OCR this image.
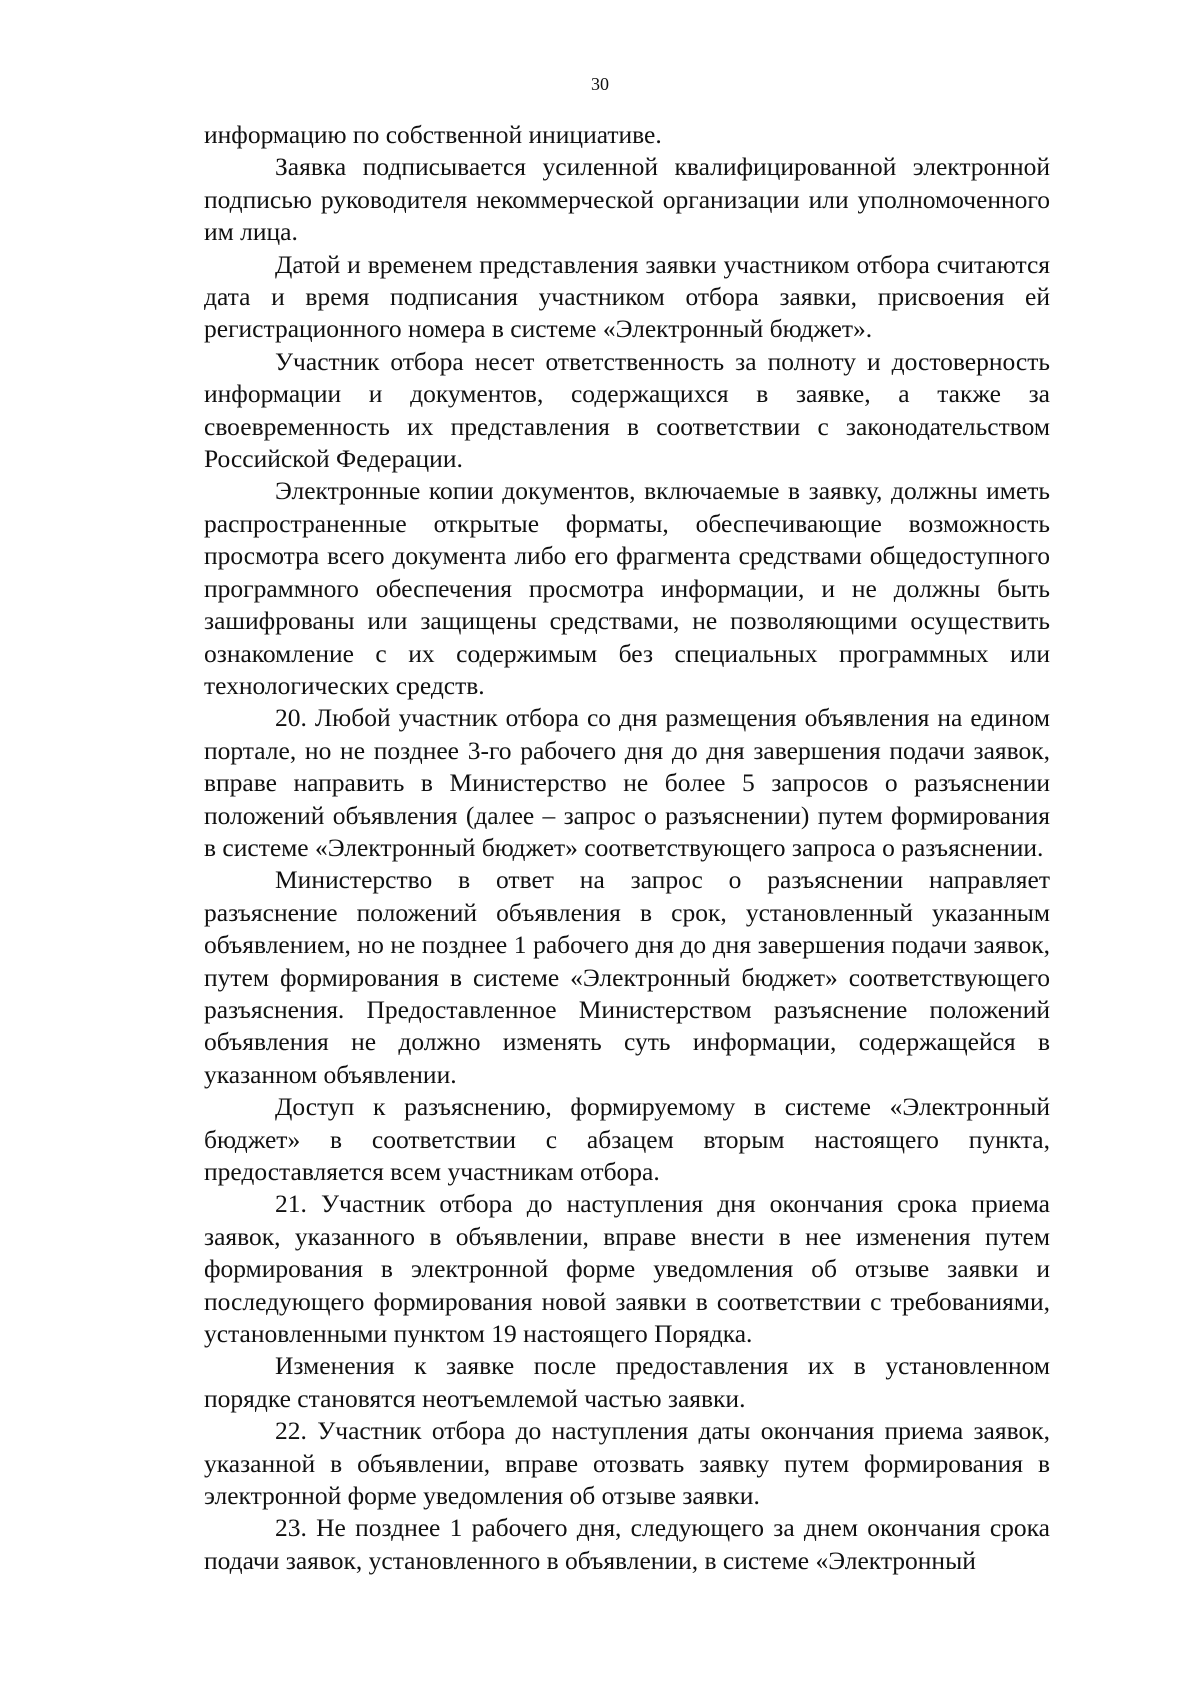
30

информацию по собственной инициативе.

Заявка подписывается усиленной квалифицированной электронной подписью руководителя некоммерческой организации или уполномоченного им лица.

Датой и временем представления заявки участником отбора считаются дата и время подписания участником отбора заявки, присвоения ей регистрационного номера в системе «Электронный бюджет».

Участник отбора несет ответственность за полноту и достоверность информации и документов, содержащихся в заявке, а также за своевременность их представления в соответствии с законодательством Российской Федерации.

Электронные копии документов, включаемые в заявку, должны иметь распространенные открытые форматы, обеспечивающие возможность просмотра всего документа либо его фрагмента средствами общедоступного программного обеспечения просмотра информации, и не должны быть зашифрованы или защищены средствами, не позволяющими осуществить ознакомление с их содержимым без специальных программных или технологических средств.

20. Любой участник отбора со дня размещения объявления на едином портале, но не позднее 3-го рабочего дня до дня завершения подачи заявок, вправе направить в Министерство не более 5 запросов о разъяснении положений объявления (далее – запрос о разъяснении) путем формирования в системе «Электронный бюджет» соответствующего запроса о разъяснении.

Министерство в ответ на запрос о разъяснении направляет разъяснение положений объявления в срок, установленный указанным объявлением, но не позднее 1 рабочего дня до дня завершения подачи заявок, путем формирования в системе «Электронный бюджет» соответствующего разъяснения. Предоставленное Министерством разъяснение положений объявления не должно изменять суть информации, содержащейся в указанном объявлении.

Доступ к разъяснению, формируемому в системе «Электронный бюджет» в соответствии с абзацем вторым настоящего пункта, предоставляется всем участникам отбора.

21. Участник отбора до наступления дня окончания срока приема заявок, указанного в объявлении, вправе внести в нее изменения путем формирования в электронной форме уведомления об отзыве заявки и последующего формирования новой заявки в соответствии с требованиями, установленными пунктом 19 настоящего Порядка.

Изменения к заявке после предоставления их в установленном порядке становятся неотъемлемой частью заявки.

22. Участник отбора до наступления даты окончания приема заявок, указанной в объявлении, вправе отозвать заявку путем формирования в электронной форме уведомления об отзыве заявки.

23. Не позднее 1 рабочего дня, следующего за днем окончания срока подачи заявок, установленного в объявлении, в системе «Электронный
